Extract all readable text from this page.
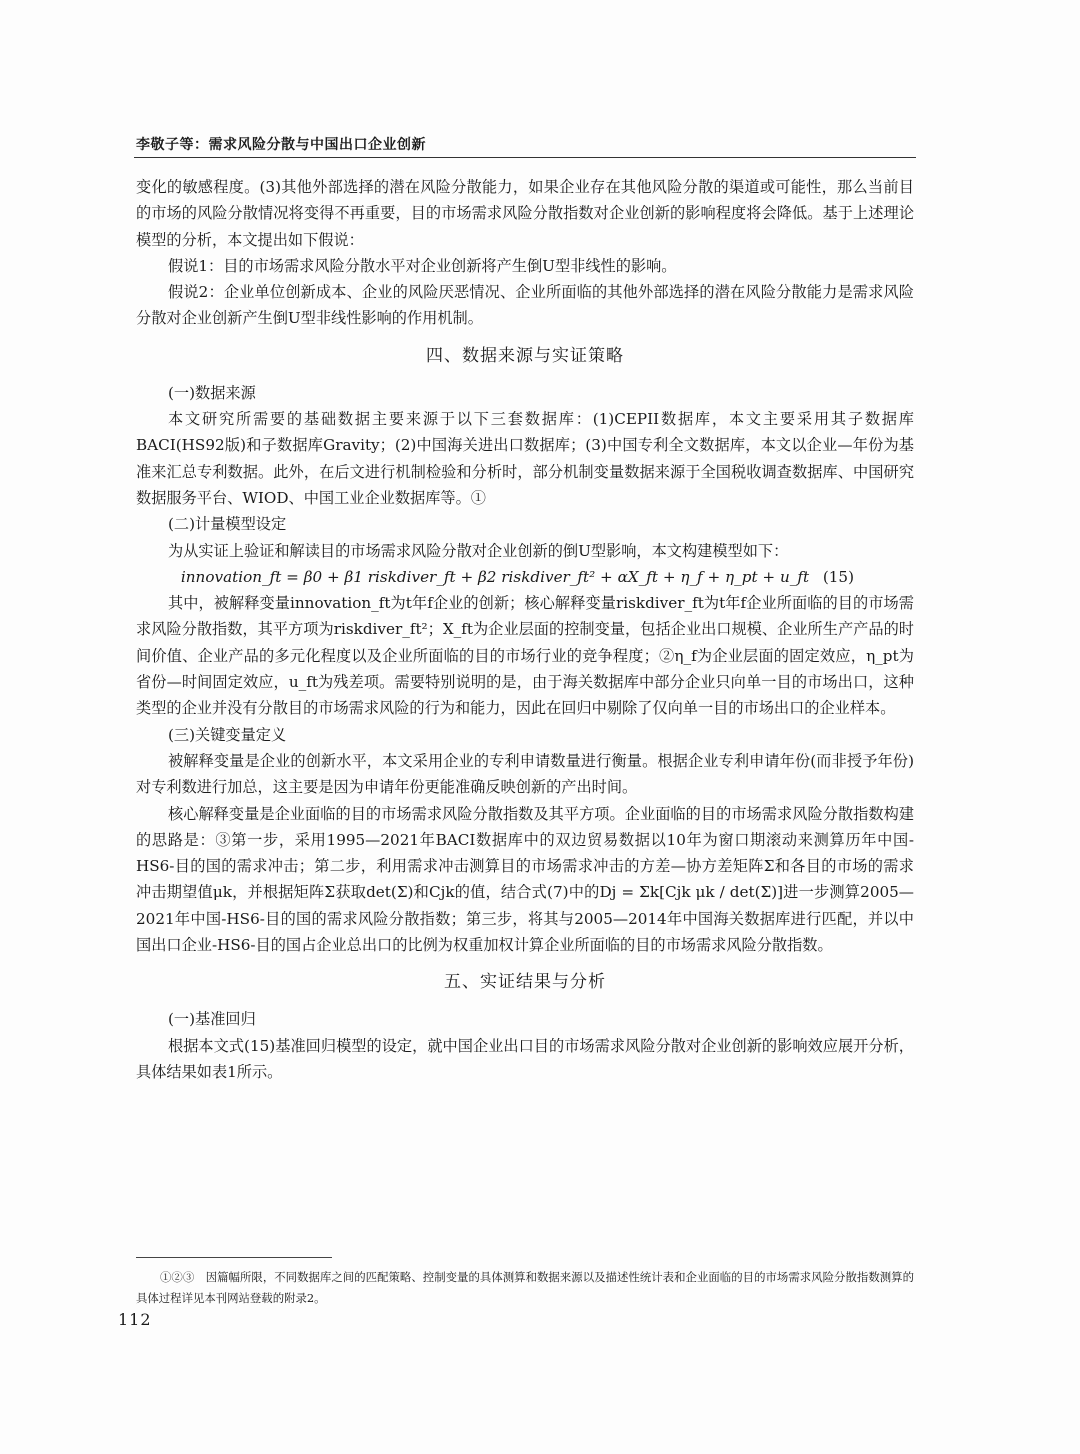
李敬子等：需求风险分散与中国出口企业创新

变化的敏感程度。(3)其他外部选择的潜在风险分散能力，如果企业存在其他风险分散的渠道或可能性，那么当前目的市场的风险分散情况将变得不再重要，目的市场需求风险分散指数对企业创新的影响程度将会降低。基于上述理论模型的分析，本文提出如下假说：

假说1：目的市场需求风险分散水平对企业创新将产生倒U型非线性的影响。

假说2：企业单位创新成本、企业的风险厌恶情况、企业所面临的其他外部选择的潜在风险分散能力是需求风险分散对企业创新产生倒U型非线性影响的作用机制。

四、数据来源与实证策略

(一)数据来源

本文研究所需要的基础数据主要来源于以下三套数据库：(1)CEPII数据库，本文主要采用其子数据库BACI(HS92版)和子数据库Gravity；(2)中国海关进出口数据库；(3)中国专利全文数据库，本文以企业—年份为基准来汇总专利数据。此外，在后文进行机制检验和分析时，部分机制变量数据来源于全国税收调查数据库、中国研究数据服务平台、WIOD、中国工业企业数据库等。①

(二)计量模型设定

为从实证上验证和解读目的市场需求风险分散对企业创新的倒U型影响，本文构建模型如下：

innovation_ft = β0 + β1 riskdiver_ft + β2 riskdiver_ft² + αX_ft + η_f + η_pt + u_ft (15)

其中，被解释变量innovation_ft为t年f企业的创新；核心解释变量riskdiver_ft为t年f企业所面临的目的市场需求风险分散指数，其平方项为riskdiver_ft²；X_ft为企业层面的控制变量，包括企业出口规模、企业所生产产品的时间价值、企业产品的多元化程度以及企业所面临的目的市场行业的竞争程度；②η_f为企业层面的固定效应，η_pt为省份—时间固定效应，u_ft为残差项。需要特别说明的是，由于海关数据库中部分企业只向单一目的市场出口，这种类型的企业并没有分散目的市场需求风险的行为和能力，因此在回归中剔除了仅向单一目的市场出口的企业样本。

(三)关键变量定义

被解释变量是企业的创新水平，本文采用企业的专利申请数量进行衡量。根据企业专利申请年份(而非授予年份)对专利数进行加总，这主要是因为申请年份更能准确反映创新的产出时间。

核心解释变量是企业面临的目的市场需求风险分散指数及其平方项。企业面临的目的市场需求风险分散指数构建的思路是：③第一步，采用1995—2021年BACI数据库中的双边贸易数据以10年为窗口期滚动来测算历年中国-HS6-目的国的需求冲击；第二步，利用需求冲击测算目的市场需求冲击的方差—协方差矩阵Σ和各目的市场的需求冲击期望值μk，并根据矩阵Σ获取det(Σ)和Cjk的值，结合式(7)中的Dj = Σk[Cjk μk / det(Σ)]进一步测算2005—2021年中国-HS6-目的国的需求风险分散指数；第三步，将其与2005—2014年中国海关数据库进行匹配，并以中国出口企业-HS6-目的国占企业总出口的比例为权重加权计算企业所面临的目的市场需求风险分散指数。

五、实证结果与分析

(一)基准回归

根据本文式(15)基准回归模型的设定，就中国企业出口目的市场需求风险分散对企业创新的影响效应展开分析，具体结果如表1所示。

①②③　因篇幅所限，不同数据库之间的匹配策略、控制变量的具体测算和数据来源以及描述性统计表和企业面临的目的市场需求风险分散指数测算的具体过程详见本刊网站登载的附录2。
112
